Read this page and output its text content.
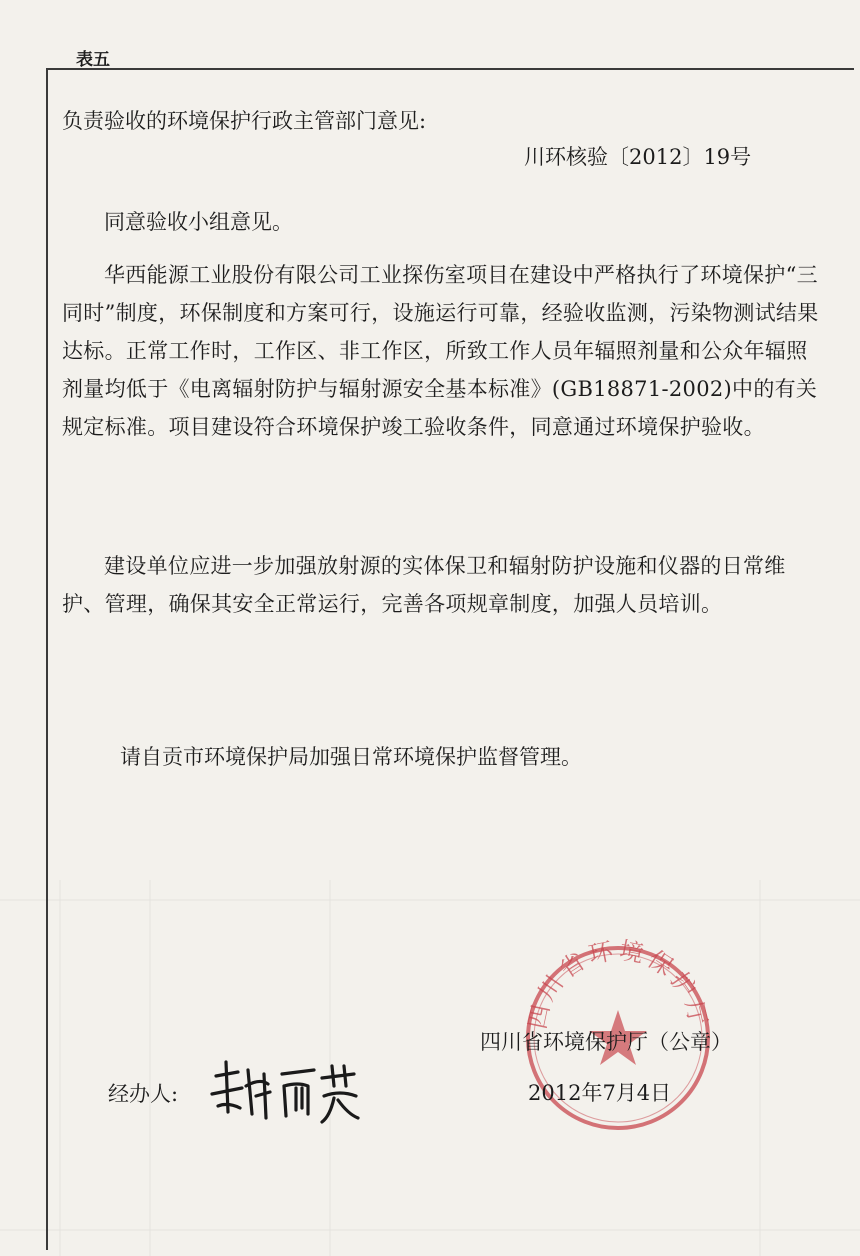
表五
负责验收的环境保护行政主管部门意见:
川环核验〔2012〕19号
同意验收小组意见。
华西能源工业股份有限公司工业探伤室项目在建设中严格执行了环境保护“三同时”制度，环保制度和方案可行，设施运行可靠，经验收监测，污染物测试结果达标。正常工作时，工作区、非工作区，所致工作人员年辐照剂量和公众年辐照剂量均低于《电离辐射防护与辐射源安全基本标准》(GB18871-2002)中的有关规定标准。项目建设符合环境保护竣工验收条件，同意通过环境保护验收。
建设单位应进一步加强放射源的实体保卫和辐射防护设施和仪器的日常维护、管理，确保其安全正常运行，完善各项规章制度，加强人员培训。
请自贡市环境保护局加强日常环境保护监督管理。
四川省环境保护厅
四川省环境保护厅（公章）
经办人:	2012年7月4日
